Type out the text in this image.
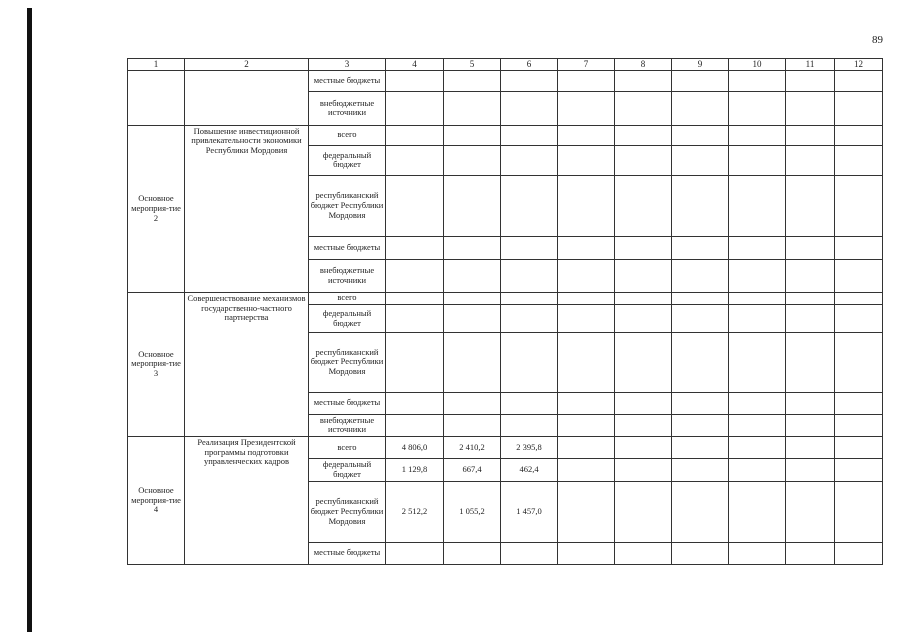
89
1	2	3	4	5	6	7	8	9	10	11	12
		местные бюджеты									
		внебюджетные источники									
Основное мероприя-тие 2	Повышение инвестиционной привлекательности экономики Республики Мордовия	всего									
		федеральный бюджет									
		республиканский бюджет Республики Мордовия									
		местные бюджеты									
		внебюджетные источники									
Основное мероприя-тие 3	Совершенствование механизмов государственно-частного партнерства	всего									
		федеральный бюджет									
		республиканский бюджет Республики Мордовия									
		местные бюджеты									
		внебюджетные источники									
Основное мероприя-тие 4	Реализация Президентской программы подготовки управленческих кадров	всего	4 806,0	2 410,2	2 395,8						
		федеральный бюджет	1 129,8	667,4	462,4						
		республиканский бюджет Республики Мордовия	2 512,2	1 055,2	1 457,0						
		местные бюджеты									
